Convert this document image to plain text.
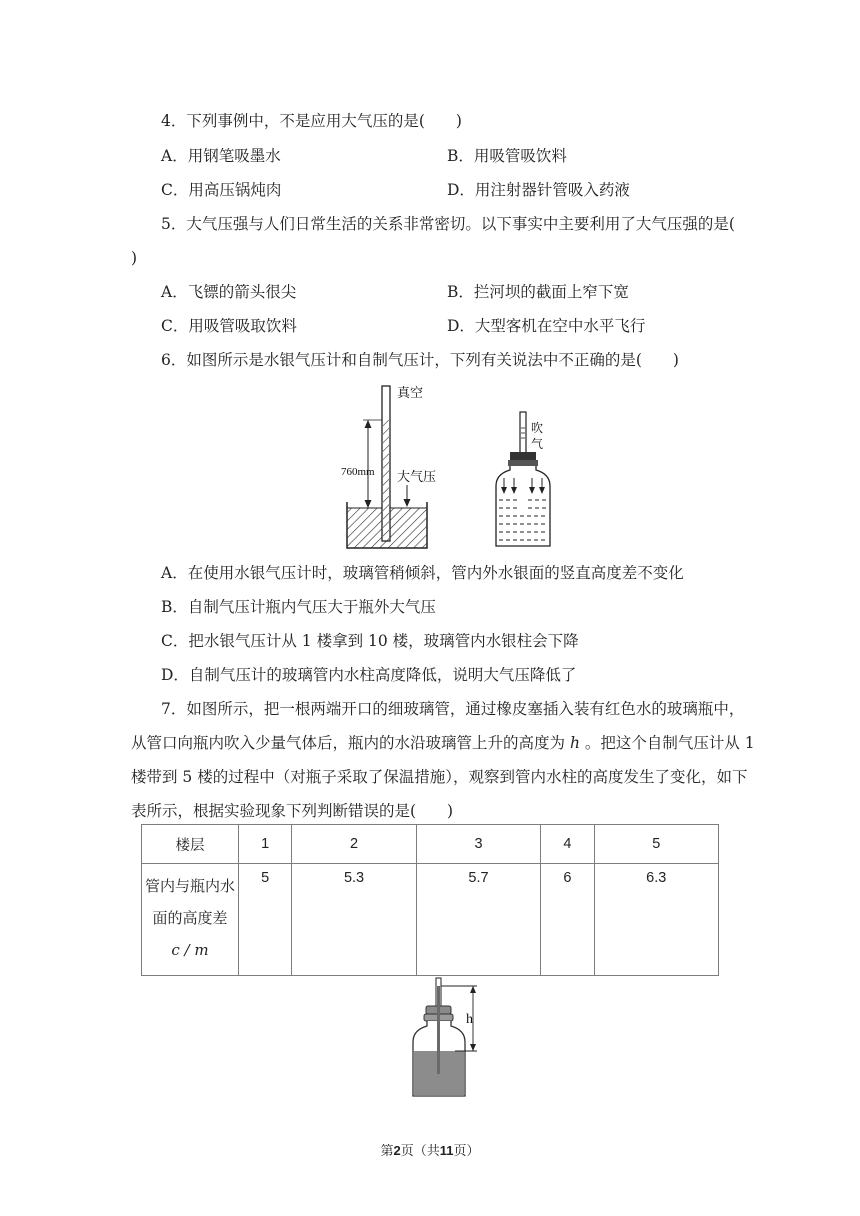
4．下列事例中，不是应用大气压的是(　　)
A．用钢笔吸墨水	B．用吸管吸饮料
C．用高压锅炖肉	D．用注射器针管吸入药液
5．大气压强与人们日常生活的关系非常密切。以下事实中主要利用了大气压强的是(
)
A．飞镖的箭头很尖	B．拦河坝的截面上窄下宽
C．用吸管吸取饮料	D．大型客机在空中水平飞行
6．如图所示是水银气压计和自制气压计，下列有关说法中不正确的是(　　)
真空
760mm 大气压
吹
气
A．在使用水银气压计时，玻璃管稍倾斜，管内外水银面的竖直高度差不变化
B．自制气压计瓶内气压大于瓶外大气压
C．把水银气压计从 1 楼拿到 10 楼，玻璃管内水银柱会下降
D．自制气压计的玻璃管内水柱高度降低，说明大气压降低了
7．如图所示，把一根两端开口的细玻璃管，通过橡皮塞插入装有红色水的玻璃瓶中，
从管口向瓶内吹入少量气体后，瓶内的水沿玻璃管上升的高度为 h 。把这个自制气压计从 1
楼带到 5 楼的过程中（对瓶子采取了保温措施），观察到管内水柱的高度发生了变化，如下
表所示，根据实验现象下列判断错误的是(　　)
楼层	1	2	3	4	5

管内与瓶内水
面的高度差
c / m	5	5.3	5.7	6	6.3
h
第2页（共11页）
